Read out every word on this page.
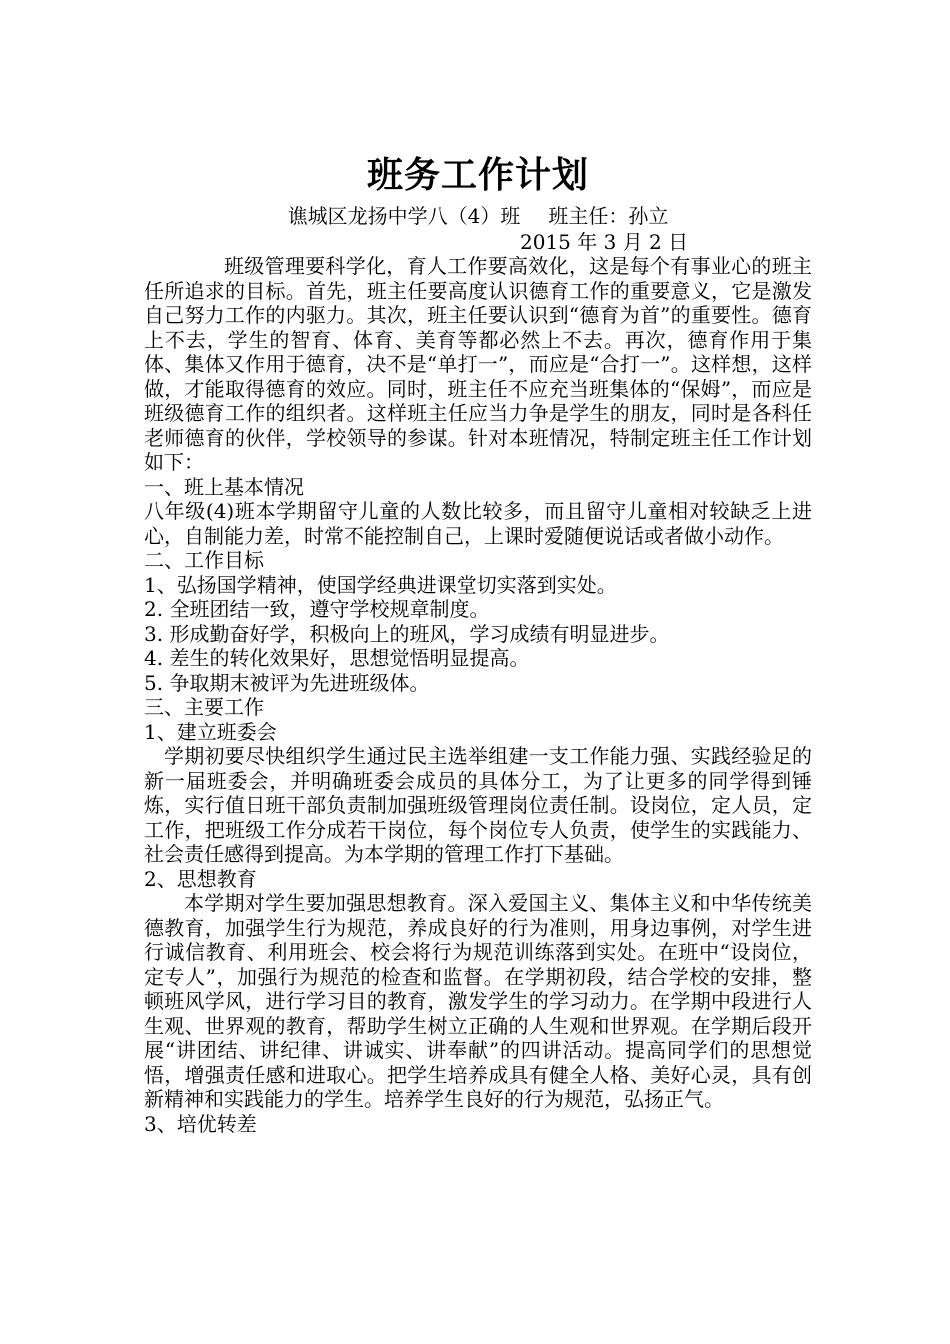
班务工作计划
谯城区龙扬中学八（4）班 班主任：孙立
2015 年 3 月 2 日

班级管理要科学化，育人工作要高效化，这是每个有事业心的班主任所追求的目标。首先，班主任要高度认识德育工作的重要意义，它是激发自己努力工作的内驱力。其次，班主任要认识到“德育为首”的重要性。德育上不去，学生的智育、体育、美育等都必然上不去。再次，德育作用于集体、集体又作用于德育，决不是“单打一”，而应是“合打一”。这样想，这样做，才能取得德育的效应。同时，班主任不应充当班集体的“保姆”，而应是班级德育工作的组织者。这样班主任应当力争是学生的朋友，同时是各科任老师德育的伙伴，学校领导的参谋。针对本班情况，特制定班主任工作计划如下：

一、班上基本情况

八年级(4)班本学期留守儿童的人数比较多，而且留守儿童相对较缺乏上进心，自制能力差，时常不能控制自己，上课时爱随便说话或者做小动作。

二、工作目标

1、弘扬国学精神，使国学经典进课堂切实落到实处。

2. 全班团结一致，遵守学校规章制度。

3. 形成勤奋好学，积极向上的班风，学习成绩有明显进步。

4. 差生的转化效果好，思想觉悟明显提高。

5. 争取期末被评为先进班级体。

三、主要工作

1、建立班委会

学期初要尽快组织学生通过民主选举组建一支工作能力强、实践经验足的新一届班委会，并明确班委会成员的具体分工，为了让更多的同学得到锤炼，实行值日班干部负责制加强班级管理岗位责任制。设岗位，定人员，定工作，把班级工作分成若干岗位，每个岗位专人负责，使学生的实践能力、社会责任感得到提高。为本学期的管理工作打下基础。

2、思想教育

本学期对学生要加强思想教育。深入爱国主义、集体主义和中华传统美德教育，加强学生行为规范，养成良好的行为准则，用身边事例，对学生进行诚信教育、利用班会、校会将行为规范训练落到实处。在班中“设岗位，定专人”，加强行为规范的检查和监督。在学期初段，结合学校的安排，整顿班风学风，进行学习目的教育，激发学生的学习动力。在学期中段进行人生观、世界观的教育，帮助学生树立正确的人生观和世界观。在学期后段开展“讲团结、讲纪律、讲诚实、讲奉献”的四讲活动。提高同学们的思想觉悟，增强责任感和进取心。把学生培养成具有健全人格、美好心灵，具有创新精神和实践能力的学生。培养学生良好的行为规范，弘扬正气。

3、培优转差
